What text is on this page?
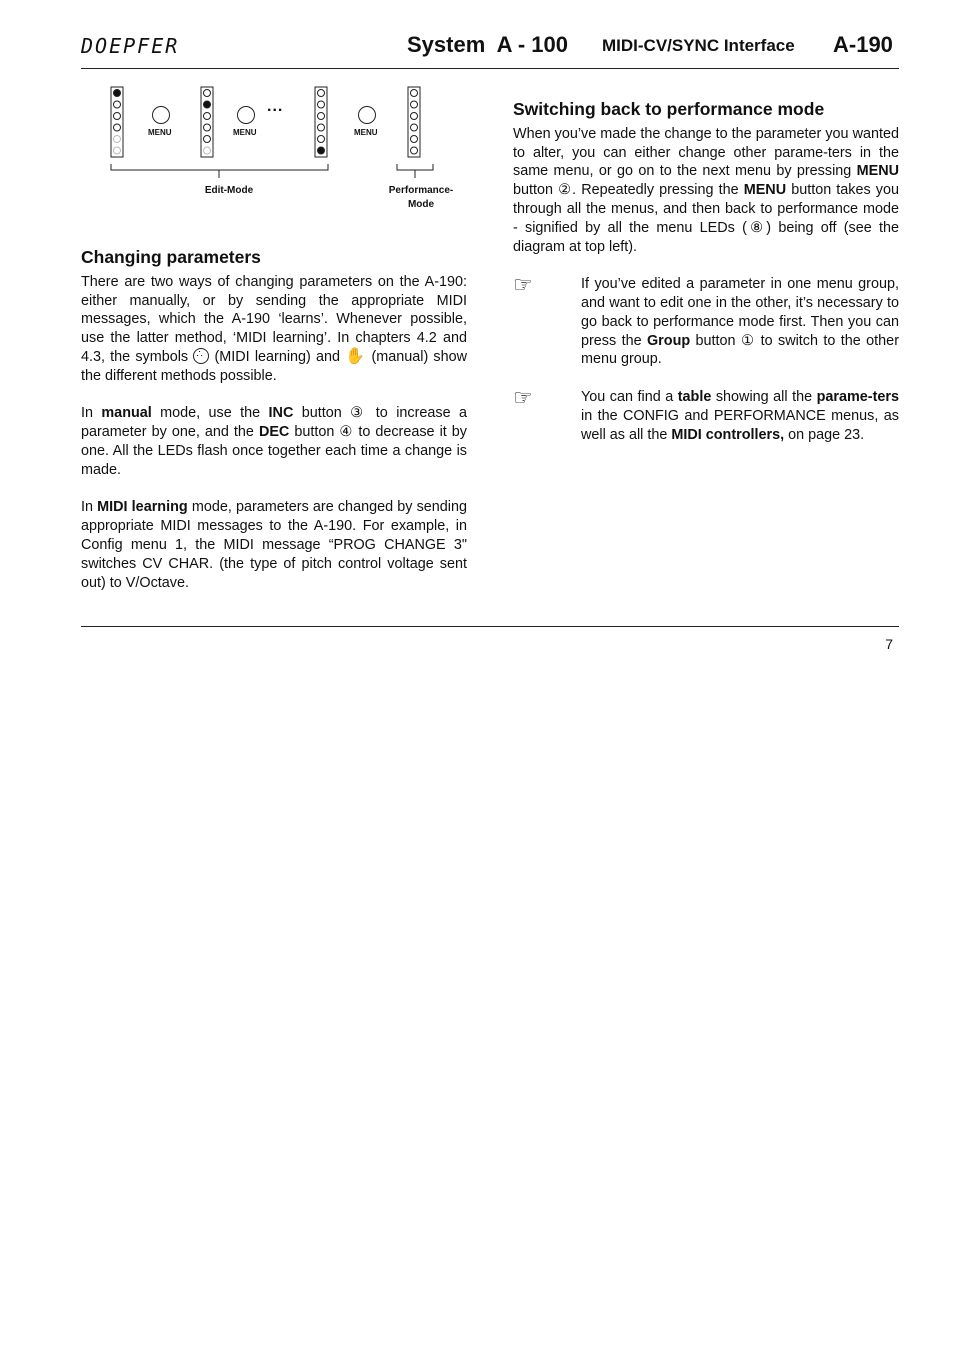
DOEPFER	System  A - 100 MIDI-CV/SYNC Interface A-190
MENU	MENU	MENU
...
Edit-Mode	Performance-
Mode
Changing parameters

There are two ways of changing parameters on the A-190: either manually, or by sending the appropriate MIDI messages, which the A-190 ‘learns’. Whenever possible, use the latter method, ‘MIDI learning’. In chapters 4.2 and 4.3, the symbols ∴ (MIDI learning) and ✋ (manual) show the different methods possible.

In manual mode, use the INC button ③ to increase a parameter by one, and the DEC button ④ to decrease it by one. All the LEDs flash once together each time a change is made.

In MIDI learning mode, parameters are changed by sending appropriate MIDI messages to the A-190. For example, in Config menu 1, the MIDI message “PROG CHANGE 3" switches CV CHAR. (the type of pitch control voltage sent out) to V/Octave.

Switching back to performance mode

When you’ve made the change to the parameter you wanted to alter, you can either change other parame-ters in the same menu, or go on to the next menu by pressing MENU button ②. Repeatedly pressing the MENU button takes you through all the menus, and then back to performance mode - signified by all the menu LEDs (⑧) being off (see the diagram at top left).

☞	If you’ve edited a parameter in one menu group, and want to edit one in the other, it’s necessary to go back to performance mode first. Then you can press the Group button ① to switch to the other menu group.
☞	You can find a table showing all the parame-ters in the CONFIG and PERFORMANCE menus, as well as all the MIDI controllers, on page 23.
7
